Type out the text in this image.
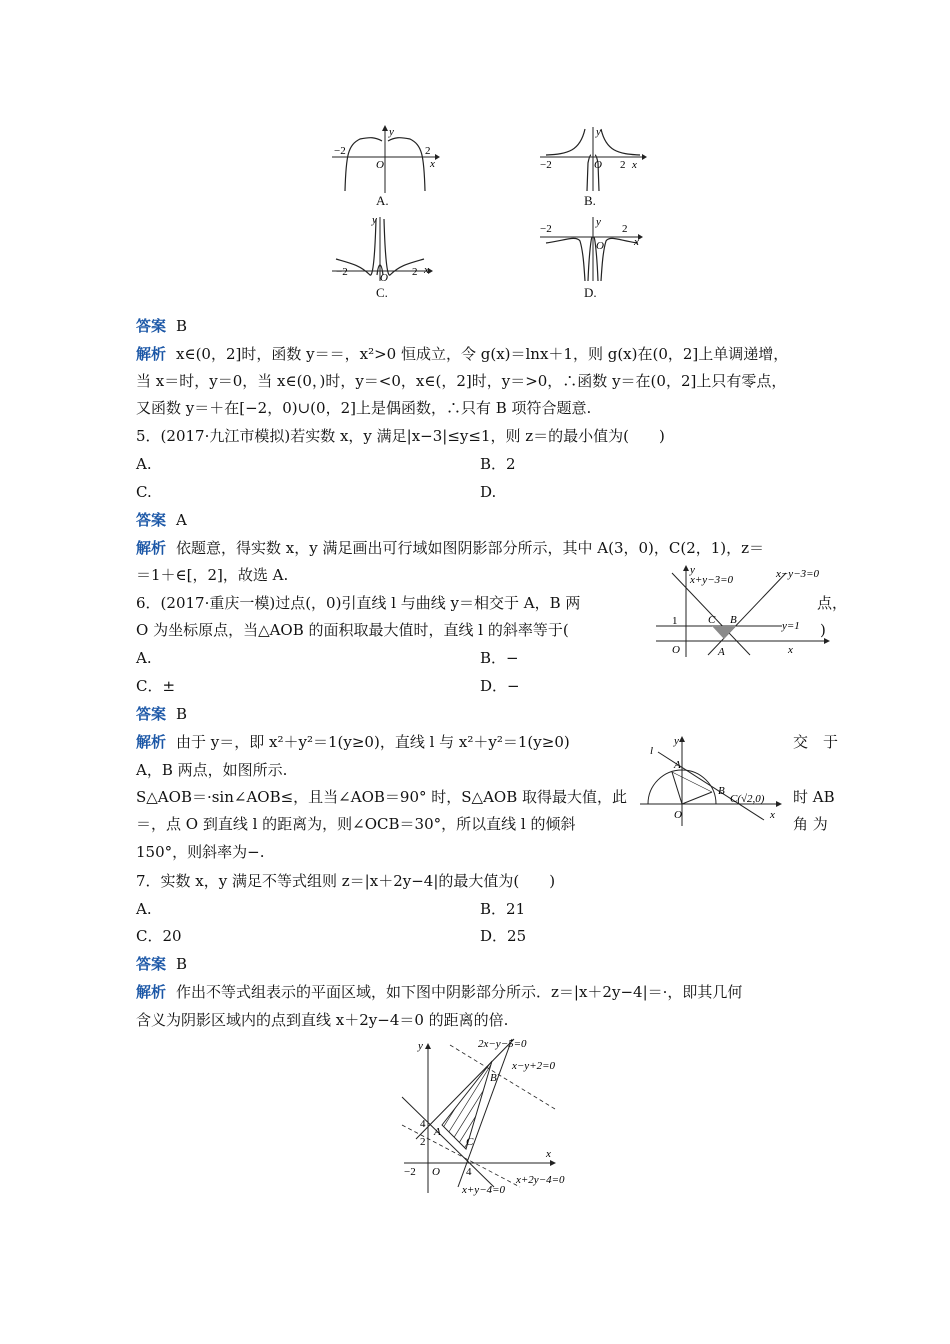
−2	2
O	x
y
A.
−2	2
O	x
y
B.
−2	2
O
x
y
C.
−2	2
O	x
y
D.
答案 B
解析 x∈(0，2]时，函数 y＝＝，x²>0 恒成立，令 g(x)＝lnx＋1，则 g(x)在(0，2]上单调递增，
当 x＝时，y＝0，当 x∈(0，)时，y＝<0，x∈(，2]时，y＝>0，∴函数 y＝在(0，2]上只有零点，
又函数 y＝＋在[−2，0)∪(0，2]上是偶函数，∴只有 B 项符合题意.
5．(2017·九江市模拟)若实数 x，y 满足|x−3|≤y≤1，则 z＝的最小值为(　　)
A.	B．2
C.	D.
答案 A
解析 依题意，得实数 x，y 满足画出可行域如图阴影部分所示，其中 A(3，0)，C(2，1)，z＝
＝1＋∈[，2]，故选 A.	x+y−3=0	x−y−3=0
y=1
1	C B
A
O	x
y
6．(2017·重庆一模)过点(，0)引直线 l 与曲线 y＝相交于 A，B 两	点，
O 为坐标原点，当△AOB 的面积取最大值时，直线 l 的斜率等于(	)
A.	B．−
C．±	D．−
答案 B
解析 由于 y＝，即 x²＋y²＝1(y≥0)，直线 l 与 x²＋y²＝1(y≥0)	交　于
A，B 两点，如图所示.
S△AOB＝·sin∠AOB≤，且当∠AOB＝90° 时，S△AOB 取得最大值，此	时 AB
＝，点 O 到直线 l 的距离为，则∠OCB＝30°，所以直线 l 的倾斜	角 为
150°，则斜率为−.
l
A
B
C(√2,0)
O	x
y
7．实数 x，y 满足不等式组则 z＝|x＋2y−4|的最大值为(　　)
A.	B．21
C．20	D．25
答案 B
解析 作出不等式组表示的平面区域，如下图中阴影部分所示．z＝|x＋2y−4|＝·，即其几何
含义为阴影区域内的点到直线 x＋2y−4＝0 的距离的倍.
2x−y−5=0
x−y+2=0
x+y−4=0
x+2y−4=0
A
B
C
O
4
2
−2	4
x
y
